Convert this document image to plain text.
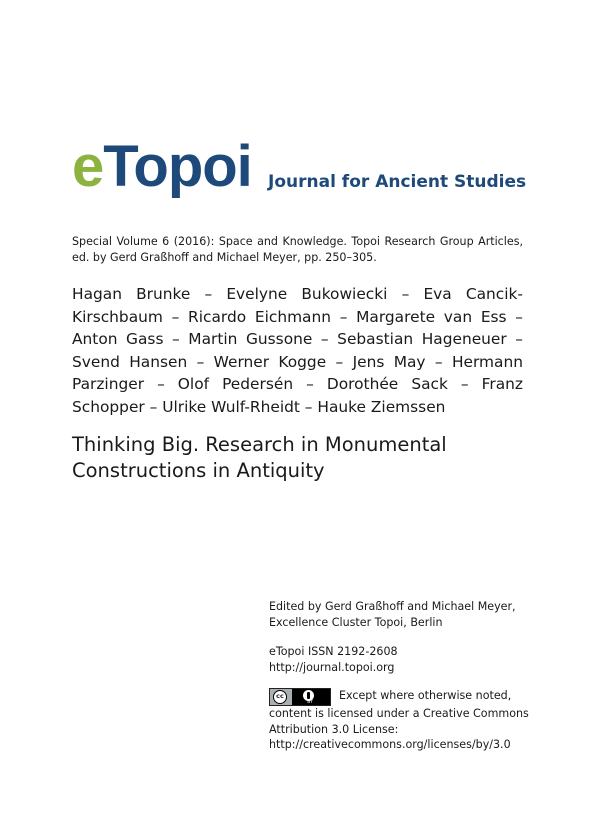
eTopoi Journal for Ancient Studies
Special Volume 6 (2016): Space and Knowledge. Topoi Research Group Articles, ed. by Gerd Graßhoff and Michael Meyer, pp. 250–305.
Hagan Brunke – Evelyne Bukowiecki – Eva Cancik-Kirschbaum – Ricardo Eichmann – Margarete van Ess – Anton Gass – Martin Gussone – Sebastian Hageneuer – Svend Hansen – Werner Kogge – Jens May – Hermann Parzinger – Olof Pedersén – Dorothée Sack – Franz Schopper – Ulrike Wulf-Rheidt – Hauke Ziemssen
Thinking Big. Research in Monumental
Constructions in Antiquity

Edited by Gerd Graßhoff and Michael Meyer,

Excellence Cluster Topoi, Berlin

eTopoi ISSN 2192-2608

http://journal.topoi.org

cc
BY
Except where otherwise noted,

content is licensed under a Creative Commons

Attribution 3.0 License:

http://creativecommons.org/licenses/by/3.0
